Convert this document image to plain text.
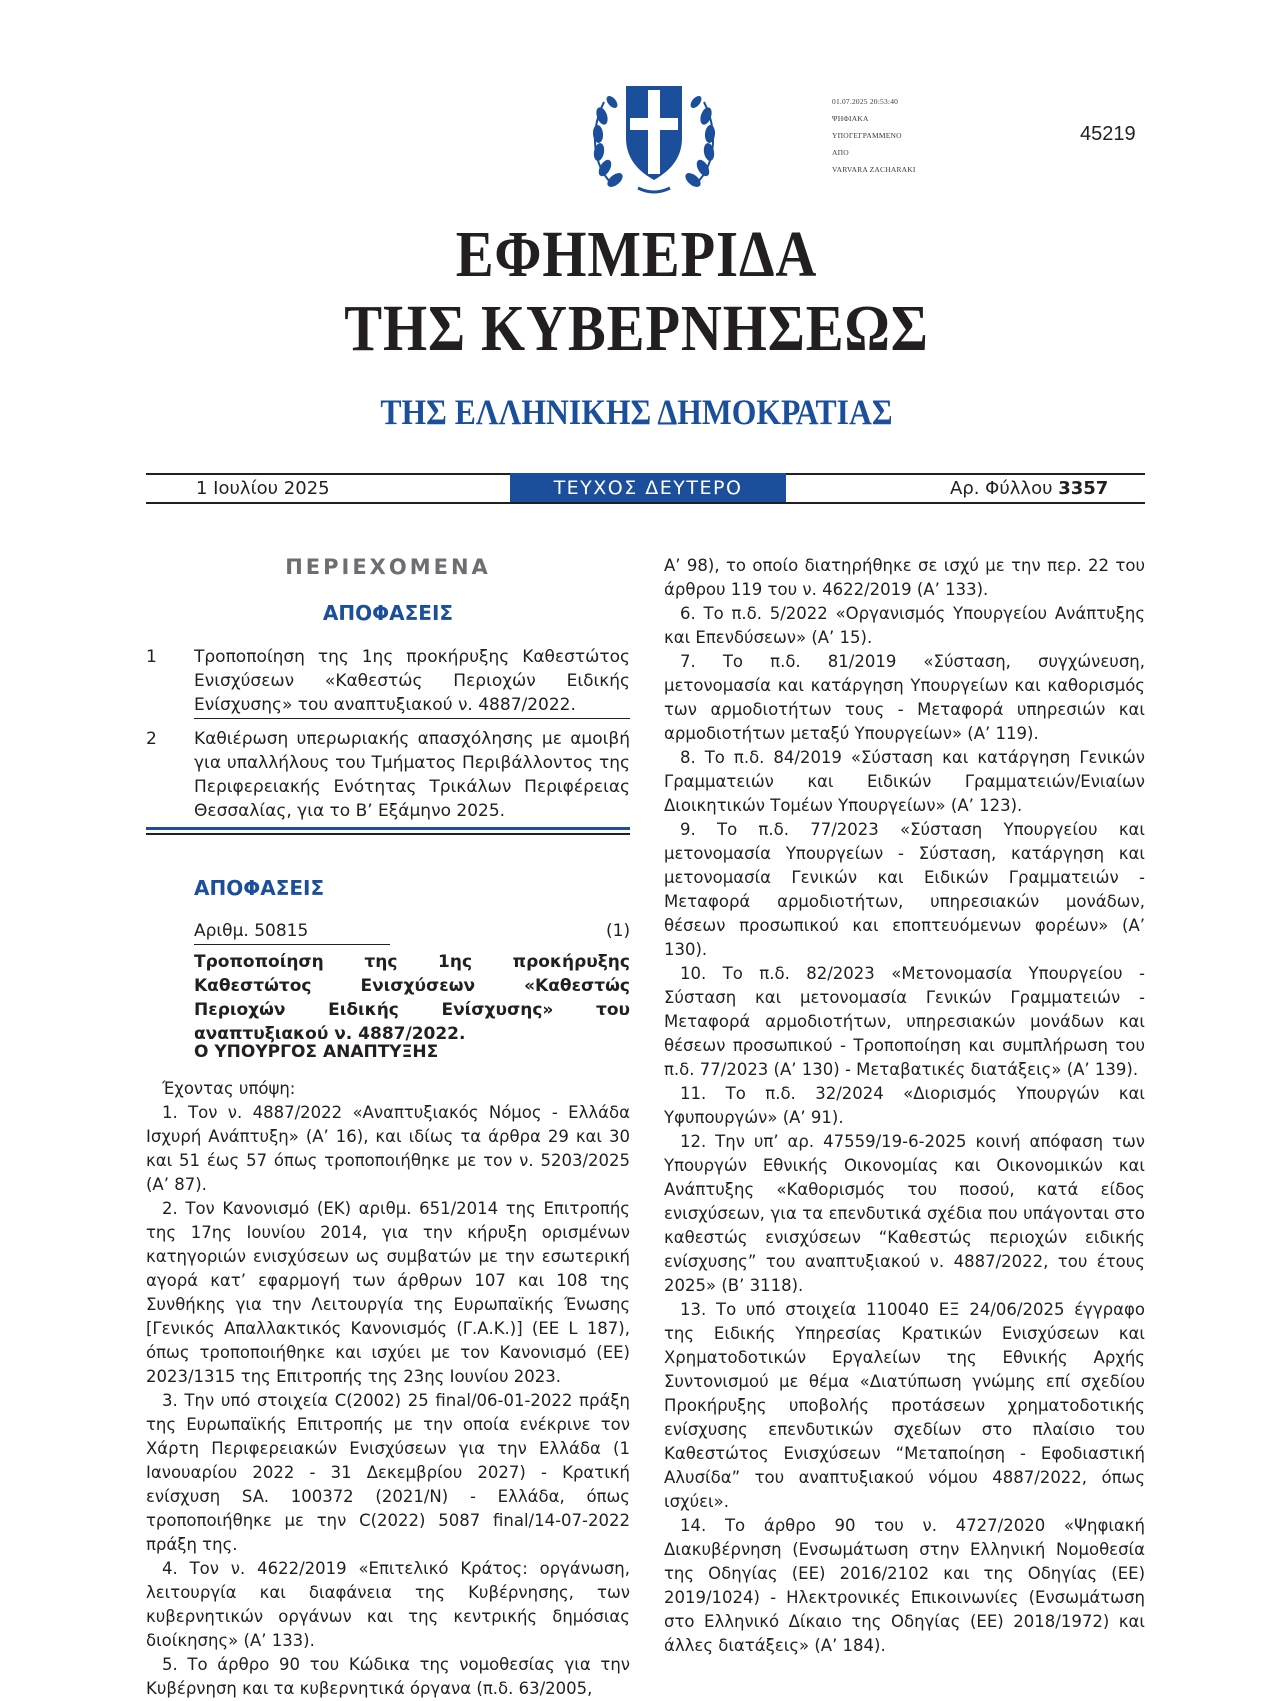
01.07.2025 20:53:40
ΨΗΦΙΑΚΑ
ΥΠΟΓΕΓΡΑΜΜΕΝΟ
ΑΠΟ
VARVARA ZACHARAKI
45219
ΕΦΗΜΕΡΙΔΑ
ΤΗΣ ΚΥΒΕΡΝΗΣΕΩΣ
ΤΗΣ ΕΛΛΗΝΙΚΗΣ ΔΗΜΟΚΡΑΤΙΑΣ
1 Ιουλίου 2025	ΤΕΥΧΟΣ ΔΕΥΤΕΡΟ	Αρ. Φύλλου 3357
ΠΕΡΙΕΧΟΜΕΝΑ
ΑΠΟΦΑΣΕΙΣ
1 Τροποποίηση της 1ης προκήρυξης Καθεστώτος Ενισχύσεων «Καθεστώς Περιοχών Ειδικής Ενίσχυσης» του αναπτυξιακού ν. 4887/2022.
2 Καθιέρωση υπερωριακής απασχόλησης με αμοιβή για υπαλλήλους του Τμήματος Περιβάλλοντος της Περιφερειακής Ενότητας Τρικάλων Περιφέρειας Θεσσαλίας, για το Β’ Εξάμηνο 2025.
ΑΠΟΦΑΣΕΙΣ
Αριθμ. 50815	(1)
Τροποποίηση της 1ης προκήρυξης Καθεστώτος Ενισχύσεων «Καθεστώς Περιοχών Ειδικής Ενίσχυσης» του αναπτυξιακού ν. 4887/2022.
Ο ΥΠΟΥΡΓΟΣ ΑΝΑΠΤΥΞΗΣ

Έχοντας υπόψη:

1. Τον ν. 4887/2022 «Αναπτυξιακός Νόμος - Ελλάδα Ισχυρή Ανάπτυξη» (Α’ 16), και ιδίως τα άρθρα 29 και 30 και 51 έως 57 όπως τροποποιήθηκε με τον ν. 5203/2025 (Α’ 87).

2. Τον Κανονισμό (ΕΚ) αριθμ. 651/2014 της Επιτροπής της 17ης Ιουνίου 2014, για την κήρυξη ορισμένων κατηγοριών ενισχύσεων ως συμβατών με την εσωτερική αγορά κατ’ εφαρμογή των άρθρων 107 και 108 της Συνθήκης για την Λειτουργία της Ευρωπαϊκής Ένωσης [Γενικός Απαλλακτικός Κανονισμός (Γ.Α.Κ.)] (ΕΕ L 187), όπως τροποποιήθηκε και ισχύει με τον Κανονισμό (ΕΕ) 2023/1315 της Επιτροπής της 23ης Ιουνίου 2023.

3. Την υπό στοιχεία C(2002) 25 final/06-01-2022 πράξη της Ευρωπαϊκής Επιτροπής με την οποία ενέκρινε τον Χάρτη Περιφερειακών Ενισχύσεων για την Ελλάδα (1 Ιανουαρίου 2022 - 31 Δεκεμβρίου 2027) - Κρατική ενίσχυση SA. 100372 (2021/N) - Ελλάδα, όπως τροποποιήθηκε με την C(2022) 5087 final/14-07-2022 πράξη της.

4. Τον ν. 4622/2019 «Επιτελικό Κράτος: οργάνωση, λειτουργία και διαφάνεια της Κυβέρνησης, των κυβερνητικών οργάνων και της κεντρικής δημόσιας διοίκησης» (Α’ 133).

5. Το άρθρο 90 του Κώδικα της νομοθεσίας για την Κυβέρνηση και τα κυβερνητικά όργανα (π.δ. 63/2005,

Α’ 98), το οποίο διατηρήθηκε σε ισχύ με την περ. 22 του άρθρου 119 του ν. 4622/2019 (Α’ 133).

6. Το π.δ. 5/2022 «Οργανισμός Υπουργείου Ανάπτυξης και Επενδύσεων» (Α’ 15).

7. Το π.δ. 81/2019 «Σύσταση, συγχώνευση, μετονομασία και κατάργηση Υπουργείων και καθορισμός των αρμοδιοτήτων τους - Μεταφορά υπηρεσιών και αρμοδιοτήτων μεταξύ Υπουργείων» (Α’ 119).

8. Το π.δ. 84/2019 «Σύσταση και κατάργηση Γενικών Γραμματειών και Ειδικών Γραμματειών/Ενιαίων Διοικητικών Τομέων Υπουργείων» (Α’ 123).

9. Το π.δ. 77/2023 «Σύσταση Υπουργείου και μετονομασία Υπουργείων - Σύσταση, κατάργηση και μετονομασία Γενικών και Ειδικών Γραμματειών - Μεταφορά αρμοδιοτήτων, υπηρεσιακών μονάδων, θέσεων προσωπικού και εποπτευόμενων φορέων» (Α’ 130).

10. Το π.δ. 82/2023 «Μετονομασία Υπουργείου - Σύσταση και μετονομασία Γενικών Γραμματειών - Μεταφορά αρμοδιοτήτων, υπηρεσιακών μονάδων και θέσεων προσωπικού - Τροποποίηση και συμπλήρωση του π.δ. 77/2023 (Α’ 130) - Μεταβατικές διατάξεις» (Α’ 139).

11. Το π.δ. 32/2024 «Διορισμός Υπουργών και Υφυπουργών» (Α’ 91).

12. Την υπ’ αρ. 47559/19-6-2025 κοινή απόφαση των Υπουργών Εθνικής Οικονομίας και Οικονομικών και Ανάπτυξης «Καθορισμός του ποσού, κατά είδος ενισχύσεων, για τα επενδυτικά σχέδια που υπάγονται στο καθεστώς ενισχύσεων “Καθεστώς περιοχών ειδικής ενίσχυσης” του αναπτυξιακού ν. 4887/2022, του έτους 2025» (Β’ 3118).

13. Το υπό στοιχεία 110040 ΕΞ 24/06/2025 έγγραφο της Ειδικής Υπηρεσίας Κρατικών Ενισχύσεων και Χρηματοδοτικών Εργαλείων της Εθνικής Αρχής Συντονισμού με θέμα «Διατύπωση γνώμης επί σχεδίου Προκήρυξης υποβολής προτάσεων χρηματοδοτικής ενίσχυσης επενδυτικών σχεδίων στο πλαίσιο του Καθεστώτος Ενισχύσεων “Μεταποίηση - Εφοδιαστική Αλυσίδα” του αναπτυξιακού νόμου 4887/2022, όπως ισχύει».

14. Το άρθρο 90 του ν. 4727/2020 «Ψηφιακή Διακυβέρνηση (Ενσωμάτωση στην Ελληνική Νομοθεσία της Οδηγίας (ΕΕ) 2016/2102 και της Οδηγίας (ΕΕ) 2019/1024) - Ηλεκτρονικές Επικοινωνίες (Ενσωμάτωση στο Ελληνικό Δίκαιο της Οδηγίας (ΕΕ) 2018/1972) και άλλες διατάξεις» (Α’ 184).
